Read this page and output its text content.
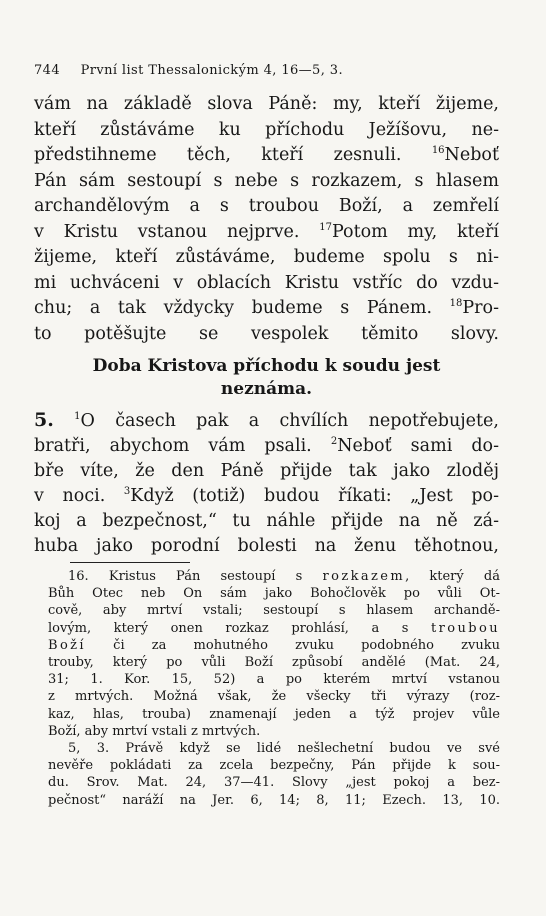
744 První list Thessalonickým 4, 16—5, 3.
vám na základě slova Páně: my, kteří žijeme,
kteří zůstáváme ku příchodu Ježíšovu, ne-
předstihneme těch, kteří zesnuli. $^{16}$Neboť
Pán sám sestoupí s nebe s rozkazem, s hlasem
archandělovým a s troubou Boží, a zemřelí
v Kristu vstanou nejprve. $^{17}$Potom my, kteří
žijeme, kteří zůstáváme, budeme spolu s ni-
mi uchváceni v oblacích Kristu vstříc do vzdu-
chu; a tak vždycky budeme s Pánem. $^{18}$Pro-
to potěšujte se vespolek těmito slovy.
Doba Kristova příchodu k soudu jest
neznáma.
5. $^1$O časech pak a chvílích nepotřebujete,
bratři, abychom vám psali. $^2$Neboť sami do-
bře víte, že den Páně přijde tak jako zloděj
v noci. $^3$Když (totiž) budou říkati: „Jest po-
koj a bezpečnost,“ tu náhle přijde na ně zá-
huba jako porodní bolesti na ženu těhotnou,
16. Kristus Pán sestoupí s rozkazem, který dá
Bůh Otec neb On sám jako Bohočlověk po vůli Ot-
cově, aby mrtví vstali; sestoupí s hlasem archandě-
lovým, který onen rozkaz prohlásí, a s troubou
Boží či za mohutného zvuku podobného zvuku
trouby, který po vůli Boží způsobí andělé (Mat. 24,
31; 1. Kor. 15, 52) a po kterém mrtví vstanou
z mrtvých. Možná však, že všecky tři výrazy (roz-
kaz, hlas, trouba) znamenají jeden a týž projev vůle
Boží, aby mrtví vstali z mrtvých.
5, 3. Právě když se lidé nešlechetní budou ve své
nevěře pokládati za zcela bezpečny, Pán přijde k sou-
du. Srov. Mat. 24, 37—41. Slovy „jest pokoj a bez-
pečnost“ naráží na Jer. 6, 14; 8, 11; Ezech. 13, 10.
